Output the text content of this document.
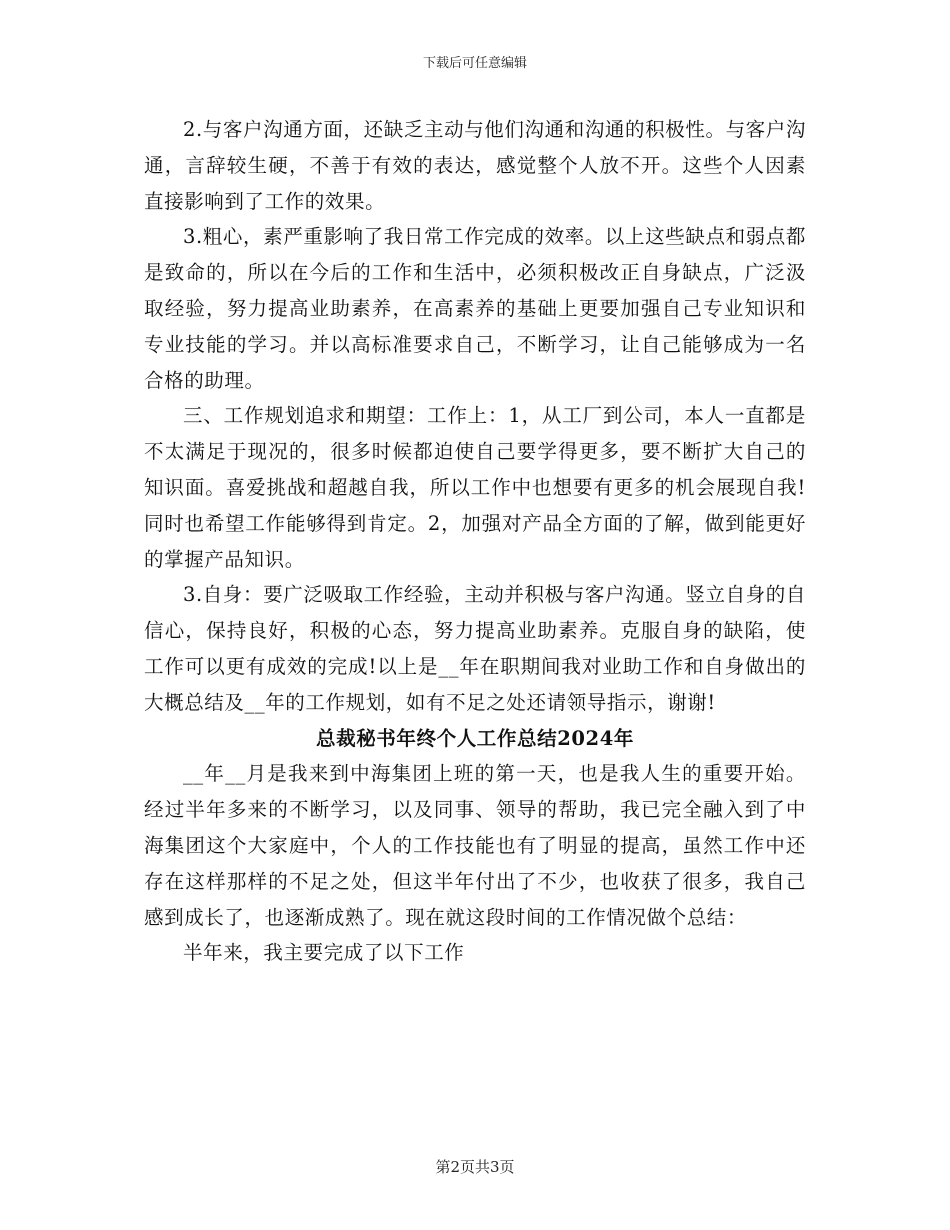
下载后可任意编辑

2.与客户沟通方面，还缺乏主动与他们沟通和沟通的积极性。与客户沟通，言辞较生硬，不善于有效的表达，感觉整个人放不开。这些个人因素直接影响到了工作的效果。

3.粗心，素严重影响了我日常工作完成的效率。以上这些缺点和弱点都是致命的，所以在今后的工作和生活中，必须积极改正自身缺点，广泛汲取经验，努力提高业助素养，在高素养的基础上更要加强自己专业知识和专业技能的学习。并以高标准要求自己，不断学习，让自己能够成为一名合格的助理。

三、工作规划追求和期望：工作上：1，从工厂到公司，本人一直都是不太满足于现况的，很多时候都迫使自己要学得更多，要不断扩大自己的知识面。喜爱挑战和超越自我，所以工作中也想要有更多的机会展现自我!同时也希望工作能够得到肯定。2，加强对产品全方面的了解，做到能更好的掌握产品知识。

3.自身：要广泛吸取工作经验，主动并积极与客户沟通。竖立自身的自信心，保持良好，积极的心态，努力提高业助素养。克服自身的缺陷，使工作可以更有成效的完成!以上是__年在职期间我对业助工作和自身做出的大概总结及__年的工作规划，如有不足之处还请领导指示，谢谢!

总裁秘书年终个人工作总结2024年

__年__月是我来到中海集团上班的第一天，也是我人生的重要开始。经过半年多来的不断学习，以及同事、领导的帮助，我已完全融入到了中海集团这个大家庭中，个人的工作技能也有了明显的提高，虽然工作中还存在这样那样的不足之处，但这半年付出了不少，也收获了很多，我自己感到成长了，也逐渐成熟了。现在就这段时间的工作情况做个总结：

半年来，我主要完成了以下工作

第2页共3页
